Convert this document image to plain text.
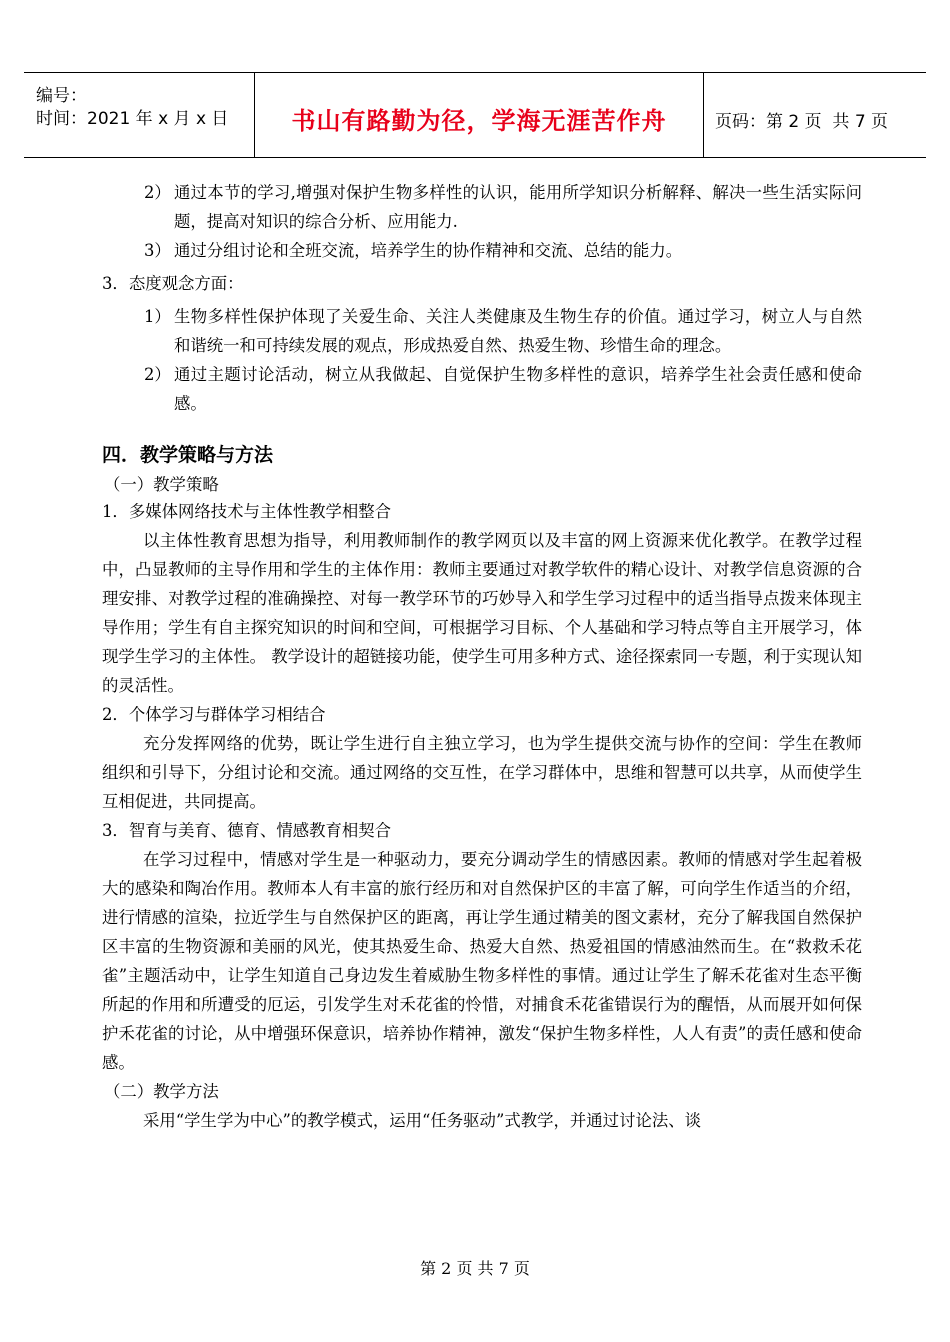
编号：
时间：2021 年 x 月 x 日	书山有路勤为径，学海无涯苦作舟	页码：第 2 页  共 7 页
2） 通过本节的学习,增强对保护生物多样性的认识，能用所学知识分析解释、解决一些生活实际问题，提高对知识的综合分析、应用能力.
3） 通过分组讨论和全班交流，培养学生的协作精神和交流、总结的能力。
3．态度观念方面：
1） 生物多样性保护体现了关爱生命、关注人类健康及生物生存的价值。通过学习，树立人与自然和谐统一和可持续发展的观点，形成热爱自然、热爱生物、珍惜生命的理念。
2） 通过主题讨论活动，树立从我做起、自觉保护生物多样性的意识，培养学生社会责任感和使命感。
四．教学策略与方法
（一）教学策略
1．多媒体网络技术与主体性教学相整合
以主体性教育思想为指导，利用教师制作的教学网页以及丰富的网上资源来优化教学。在教学过程中，凸显教师的主导作用和学生的主体作用：教师主要通过对教学软件的精心设计、对教学信息资源的合理安排、对教学过程的准确操控、对每一教学环节的巧妙导入和学生学习过程中的适当指导点拨来体现主导作用；学生有自主探究知识的时间和空间，可根据学习目标、个人基础和学习特点等自主开展学习，体现学生学习的主体性。 教学设计的超链接功能，使学生可用多种方式、途径探索同一专题，利于实现认知的灵活性。
2．个体学习与群体学习相结合
充分发挥网络的优势，既让学生进行自主独立学习，也为学生提供交流与协作的空间：学生在教师组织和引导下，分组讨论和交流。通过网络的交互性，在学习群体中，思维和智慧可以共享，从而使学生互相促进，共同提高。
3．智育与美育、德育、情感教育相契合
在学习过程中，情感对学生是一种驱动力，要充分调动学生的情感因素。教师的情感对学生起着极大的感染和陶冶作用。教师本人有丰富的旅行经历和对自然保护区的丰富了解，可向学生作适当的介绍，进行情感的渲染，拉近学生与自然保护区的距离，再让学生通过精美的图文素材，充分了解我国自然保护区丰富的生物资源和美丽的风光，使其热爱生命、热爱大自然、热爱祖国的情感油然而生。在“救救禾花雀”主题活动中，让学生知道自己身边发生着威胁生物多样性的事情。通过让学生了解禾花雀对生态平衡所起的作用和所遭受的厄运，引发学生对禾花雀的怜惜，对捕食禾花雀错误行为的醒悟，从而展开如何保护禾花雀的讨论，从中增强环保意识，培养协作精神，激发“保护生物多样性，人人有责”的责任感和使命感。
（二）教学方法
采用“学生学为中心”的教学模式，运用“任务驱动”式教学，并通过讨论法、谈
第 2 页 共 7 页
